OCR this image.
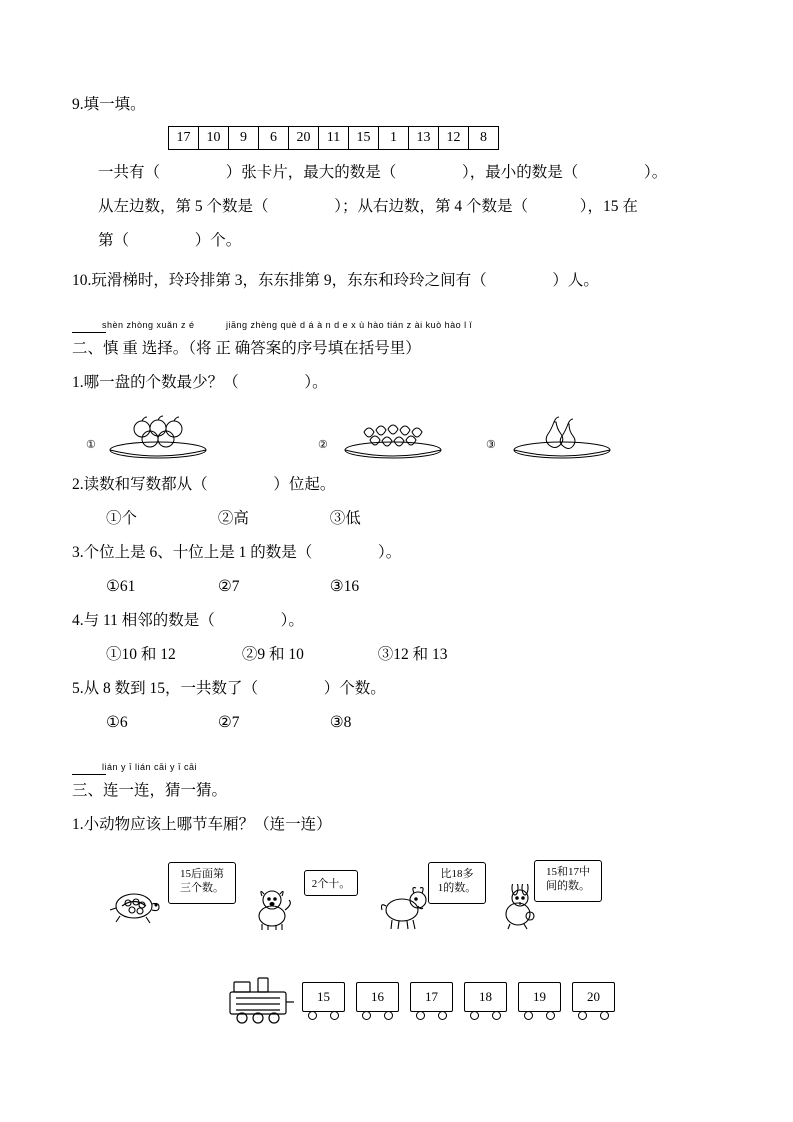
9.填一填。
17	10	9	6	20	11	15	1	13	12	8
一共有（	）张卡片，最大的数是（	），最小的数是（	）。
从左边数，第 5 个数是（	）；从右边数，第 4 个数是（	），15 在
第（	）个。
10.玩滑梯时，玲玲排第 3，东东排第 9，东东和玲玲之间有（	）人。
shèn zhòng xuǎn z é	jiāng zhèng què d á à n d e x ù hào tián z ài kuò hào l ǐ
二、慎 重 选择。（将 正 确答案的序号填在括号里）
1.哪一盘的个数最少？（	）。
①	②	③
2.读数和写数都从（	）位起。
①个	②高	③低
3.个位上是 6、十位上是 1 的数是（	）。
①61	②7	③16
4.与 11 相邻的数是（	）。
①10 和 12	②9 和 10	③12 和 13
5.从 8 数到 15，一共数了（	）个数。
①6	②7	③8
lián y ī lián cāi y ī cāi
三、连一连，猜一猜。
1.小动物应该上哪节车厢？（连一连）
15后面第
三个数。	2个十。
比18多
1的数。
15和17中
间的数。
15	16	17	18	19	20
